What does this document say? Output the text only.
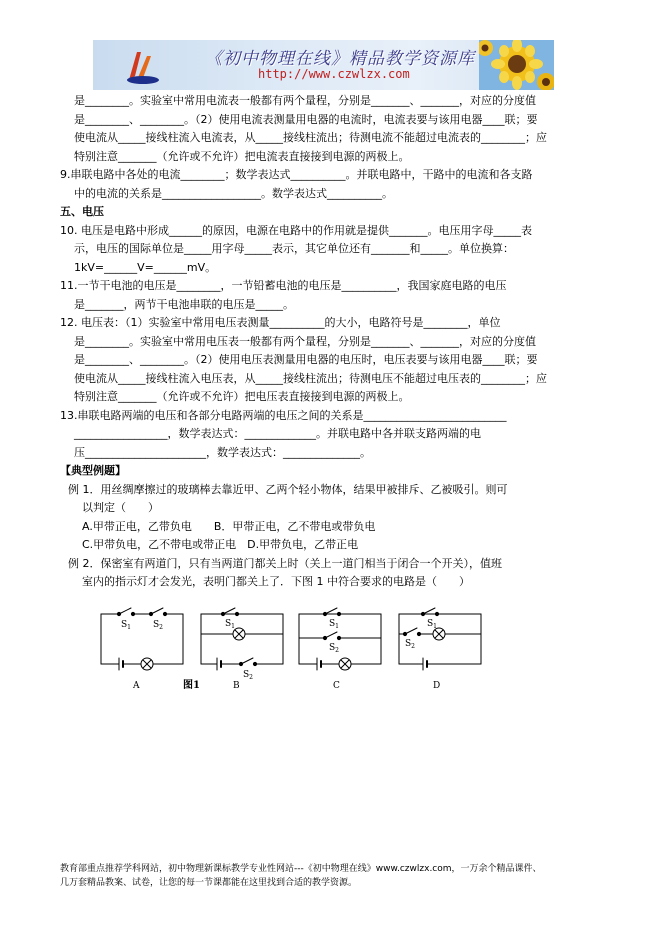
《初中物理在线》精品教学资源库
http://www.czwlzx.com

是________。实验室中常用电流表一般都有两个量程，分别是_______、_______，对应的分度值

是________、________。（2）使用电流表测量用电器的电流时，电流表要与该用电器____联；要

使电流从_____接线柱流入电流表，从_____接线柱流出；待测电流不能超过电流表的________；应

特别注意_______（允许或不允许）把电流表直接接到电源的两极上。

9.串联电路中各处的电流________；数学表达式__________。并联电路中，干路中的电流和各支路

中的电流的关系是__________________。数学表达式__________。

五、电压

10. 电压是电路中形成______的原因，电源在电路中的作用就是提供_______。电压用字母_____表

示，电压的国际单位是_____用字母_____表示，其它单位还有_______和_____。单位换算：

1kV=______V=______mV。

11.一节干电池的电压是________，一节铅蓄电池的电压是__________，我国家庭电路的电压

是_______，两节干电池串联的电压是_____。

12. 电压表：（1）实验室中常用电压表测量__________的大小，电路符号是________，单位

是________。实验室中常用电压表一般都有两个量程，分别是_______、_______，对应的分度值

是________、________。（2）使用电压表测量用电器的电压时，电压表要与该用电器____联；要

使电流从_____接线柱流入电压表，从_____接线柱流出；待测电压不能超过电压表的________；应

特别注意_______（允许或不允许）把电压表直接接到电源的两极上。

13.串联电路两端的电压和各部分电路两端的电压之间的关系是__________________________

_________________，数学表达式：_____________。并联电路中各并联支路两端的电

压______________________，数学表达式：______________。

【典型例题】

例 1．用丝绸摩擦过的玻璃棒去靠近甲、乙两个轻小物体，结果甲被排斥、乙被吸引。则可

以判定（　　）

A.甲带正电，乙带负电　　B．甲带正电，乙不带电或带负电

C.甲带负电，乙不带电或带正电　D.甲带负电，乙带正电

例 2．保密室有两道门，只有当两道门都关上时（关上一道门相当于闭合一个开关），值班

室内的指示灯才会发光，表明门都关上了．下图 1 中符合要求的电路是（　　）

$S_1$ $S_2$
A
$S_1$
$S_2$
B
图1
$S_1$
$S_2$
C
$S_1$
$S_2$
D

教育部重点推荐学科网站，初中物理新课标教学专业性网站---《初中物理在线》www.czwlzx.com，一万余个精品课件、

几万套精品教案、试卷，让您的每一节课都能在这里找到合适的教学资源。
